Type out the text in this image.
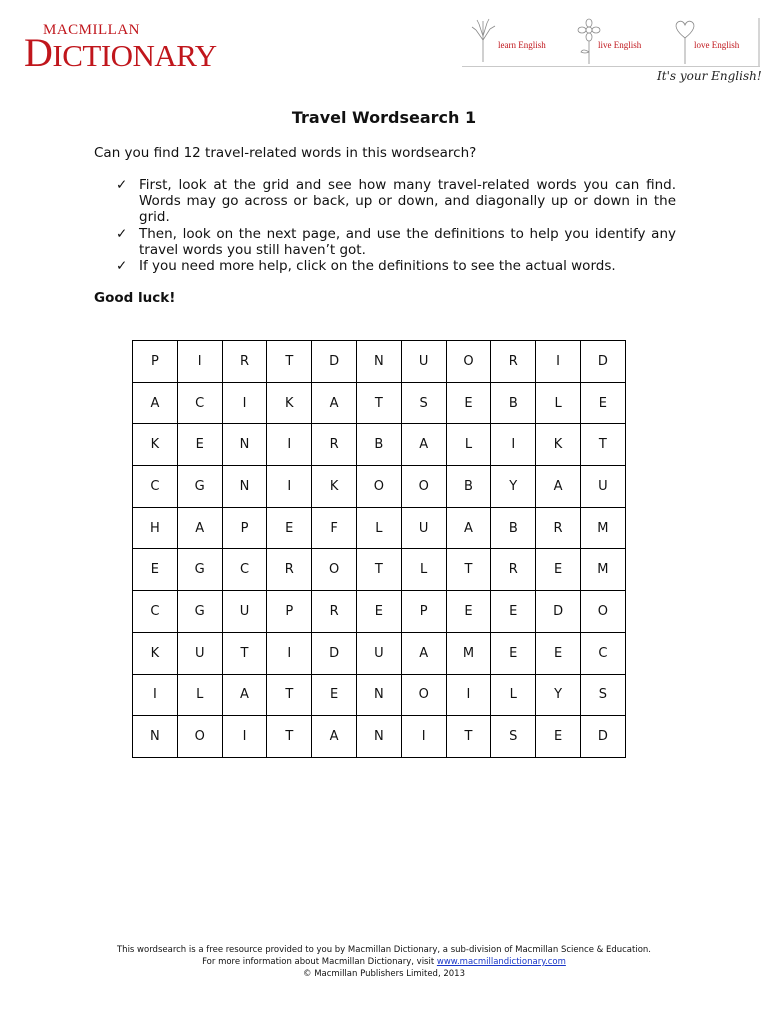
MACMILLAN
DICTIONARY	learn English	live English	love English
It's your English!
Travel Wordsearch 1
Can you find 12 travel-related words in this wordsearch?
✓ First, look at the grid and see how many travel-related words you can find. Words may go across or back, up or down, and diagonally up or down in the grid.
✓ Then, look on the next page, and use the definitions to help you identify any travel words you still haven’t got.
✓ If you need more help, click on the definitions to see the actual words.
Good luck!
P	I	R	T	D	N	U	O	R	I	D
A	C	I	K	A	T	S	E	B	L	E
K	E	N	I	R	B	A	L	I	K	T
C	G	N	I	K	O	O	B	Y	A	U
H	A	P	E	F	L	U	A	B	R	M
E	G	C	R	O	T	L	T	R	E	M
C	G	U	P	R	E	P	E	E	D	O
K	U	T	I	D	U	A	M	E	E	C
I	L	A	T	E	N	O	I	L	Y	S
N	O	I	T	A	N	I	T	S	E	D
This wordsearch is a free resource provided to you by Macmillan Dictionary, a sub-division of Macmillan Science & Education.
For more information about Macmillan Dictionary, visit www.macmillandictionary.com
© Macmillan Publishers Limited, 2013
